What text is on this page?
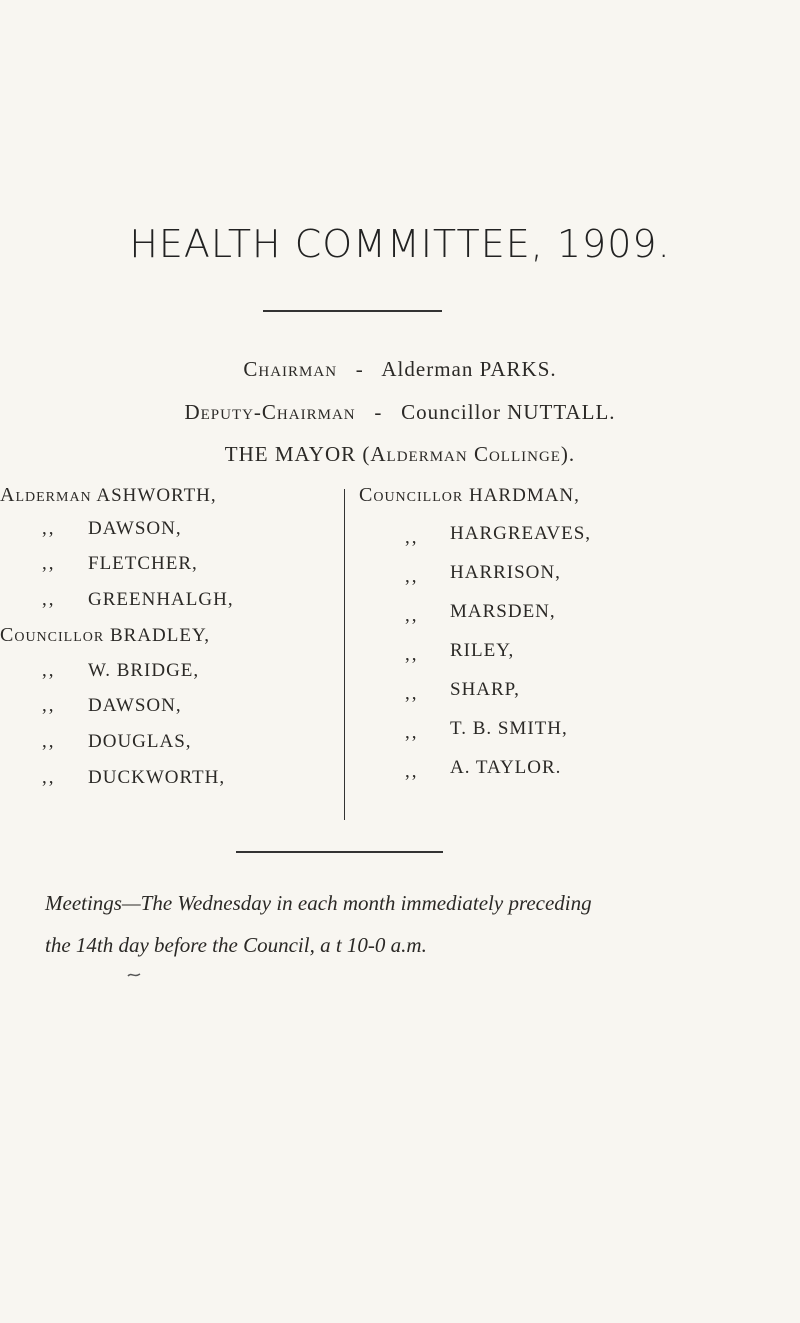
HEALTH COMMITTEE, 1909.
Chairman - Alderman PARKS.
Deputy-Chairman - Councillor NUTTALL.
THE MAYOR (Alderman Collinge).
Alderman ASHWORTH,
,, DAWSON,
,, FLETCHER,
,, GREENHALGH,
Councillor BRADLEY,
,, W. BRIDGE,
,, DAWSON,
,, DOUGLAS,
,, DUCKWORTH,
Councillor HARDMAN,
,, HARGREAVES,
,, HARRISON,
,, MARSDEN,
,, RILEY,
,, SHARP,
,, T. B. SMITH,
,, A. TAYLOR.
Meetings—The Wednesday in each month immediately preceding
the 14th day before the Council, a t 10-0 a.m.
